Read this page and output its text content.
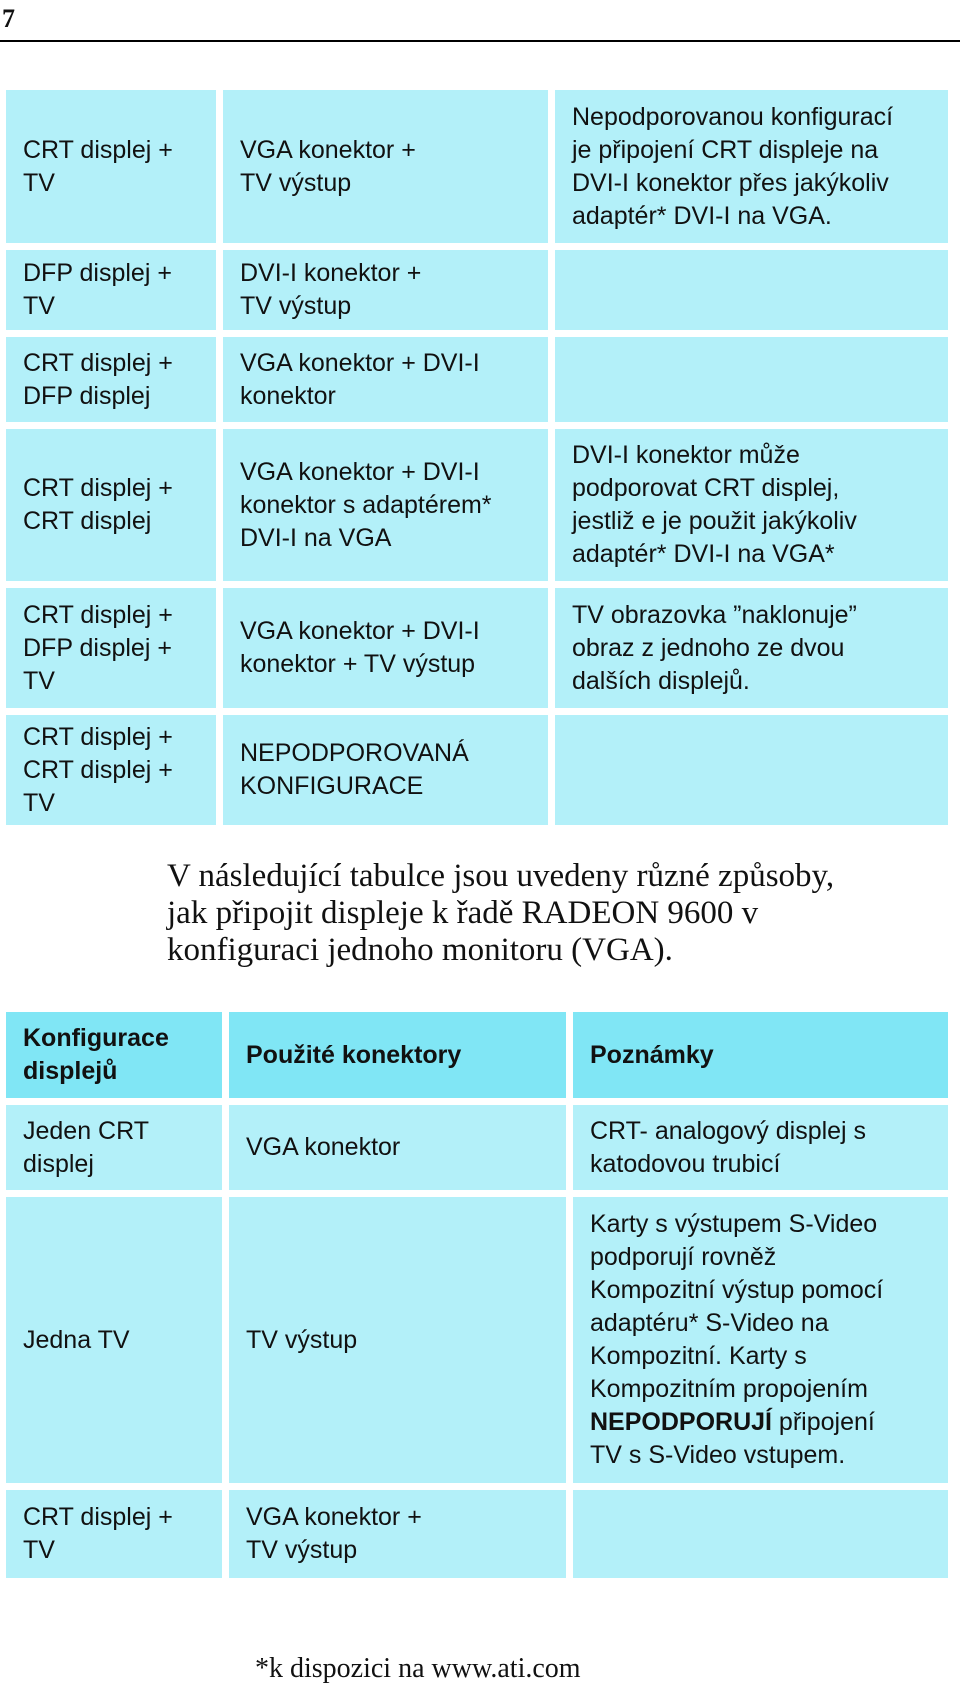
7
CRT displej +
TV
VGA konektor +
TV výstup
Nepodporovanou konfigurací
je připojení CRT displeje na
DVI-I konektor přes jakýkoliv
adaptér* DVI-I na VGA.
DFP displej +
TV
DVI-I konektor +
TV výstup
CRT displej +
DFP displej
VGA konektor + DVI-I
konektor
CRT displej +
CRT displej
VGA konektor + DVI-I
konektor s adaptérem*
DVI-I na VGA
DVI-I konektor může
podporovat CRT displej,
jestliž e je použit jakýkoliv
adaptér* DVI-I na VGA*
CRT displej +
DFP displej +
TV
VGA konektor + DVI-I
konektor + TV výstup
TV obrazovka ”naklonuje”
obraz z jednoho ze dvou
dalších displejů.
CRT displej +
CRT displej +
TV
NEPODPOROVANÁ
KONFIGURACE
V následující tabulce jsou uvedeny různé způsoby,
jak připojit displeje k řadě RADEON 9600 v
konfiguraci jednoho monitoru (VGA).
Konfigurace
displejů
Použité konektory	Poznámky
Jeden CRT
displej
VGA konektor
CRT- analogový displej s
katodovou trubicí
Jedna TV	TV výstup
Karty s výstupem S-Video
podporují rovněž
Kompozitní výstup pomocí
adaptéru* S-Video na
Kompozitní. Karty s
Kompozitním propojením
NEPODPORUJÍ připojení
TV s S-Video vstupem.
CRT displej +
TV
VGA konektor +
TV výstup
*k dispozici na www.ati.com
